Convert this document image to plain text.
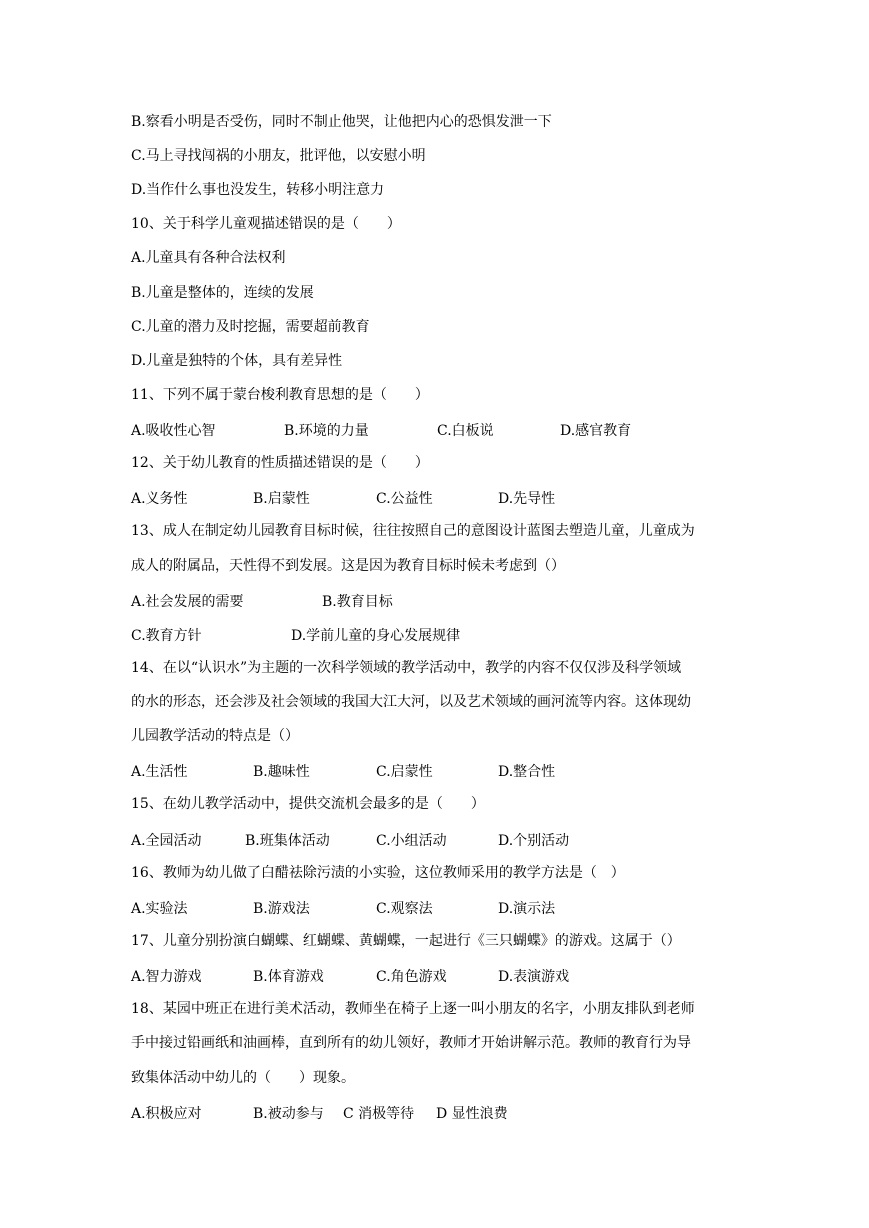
B.察看小明是否受伤，同时不制止他哭，让他把内心的恐惧发泄一下
C.马上寻找闯祸的小朋友，批评他，以安慰小明
D.当作什么事也没发生，转移小明注意力
10、关于科学儿童观描述错误的是（　　）
A.儿童具有各种合法权利
B.儿童是整体的，连续的发展
C.儿童的潜力及时挖掘，需要超前教育
D.儿童是独特的个体，具有差异性
11、下列不属于蒙台梭利教育思想的是（　　）
A.吸收性心智	B.环境的力量	C.白板说	D.感官教育
12、关于幼儿教育的性质描述错误的是（　　）
A.义务性	B.启蒙性	C.公益性	D.先导性
13、成人在制定幼儿园教育目标时候，往往按照自己的意图设计蓝图去塑造儿童，儿童成为
成人的附属品，天性得不到发展。这是因为教育目标时候未考虑到（）
A.社会发展的需要	B.教育目标
C.教育方针	D.学前儿童的身心发展规律
14、在以“认识水”为主题的一次科学领域的教学活动中，教学的内容不仅仅涉及科学领域
的水的形态，还会涉及社会领域的我国大江大河，以及艺术领域的画河流等内容。这体现幼
儿园教学活动的特点是（）
A.生活性	B.趣味性	C.启蒙性	D.整合性
15、在幼儿教学活动中，提供交流机会最多的是（　　）
A.全园活动	B.班集体活动	C.小组活动	D.个别活动
16、教师为幼儿做了白醋祛除污渍的小实验，这位教师采用的教学方法是（　）
A.实验法	B.游戏法	C.观察法	D.演示法
17、儿童分别扮演白蝴蝶、红蝴蝶、黄蝴蝶，一起进行《三只蝴蝶》的游戏。这属于（）
A.智力游戏	B.体育游戏	C.角色游戏	D.表演游戏
18、某园中班正在进行美术活动，教师坐在椅子上逐一叫小朋友的名字，小朋友排队到老师
手中接过铅画纸和油画棒，直到所有的幼儿领好，教师才开始讲解示范。教师的教育行为导
致集体活动中幼儿的（　　）现象。
A.积极应对	B.被动参与 C 消极等待 D 显性浪费
